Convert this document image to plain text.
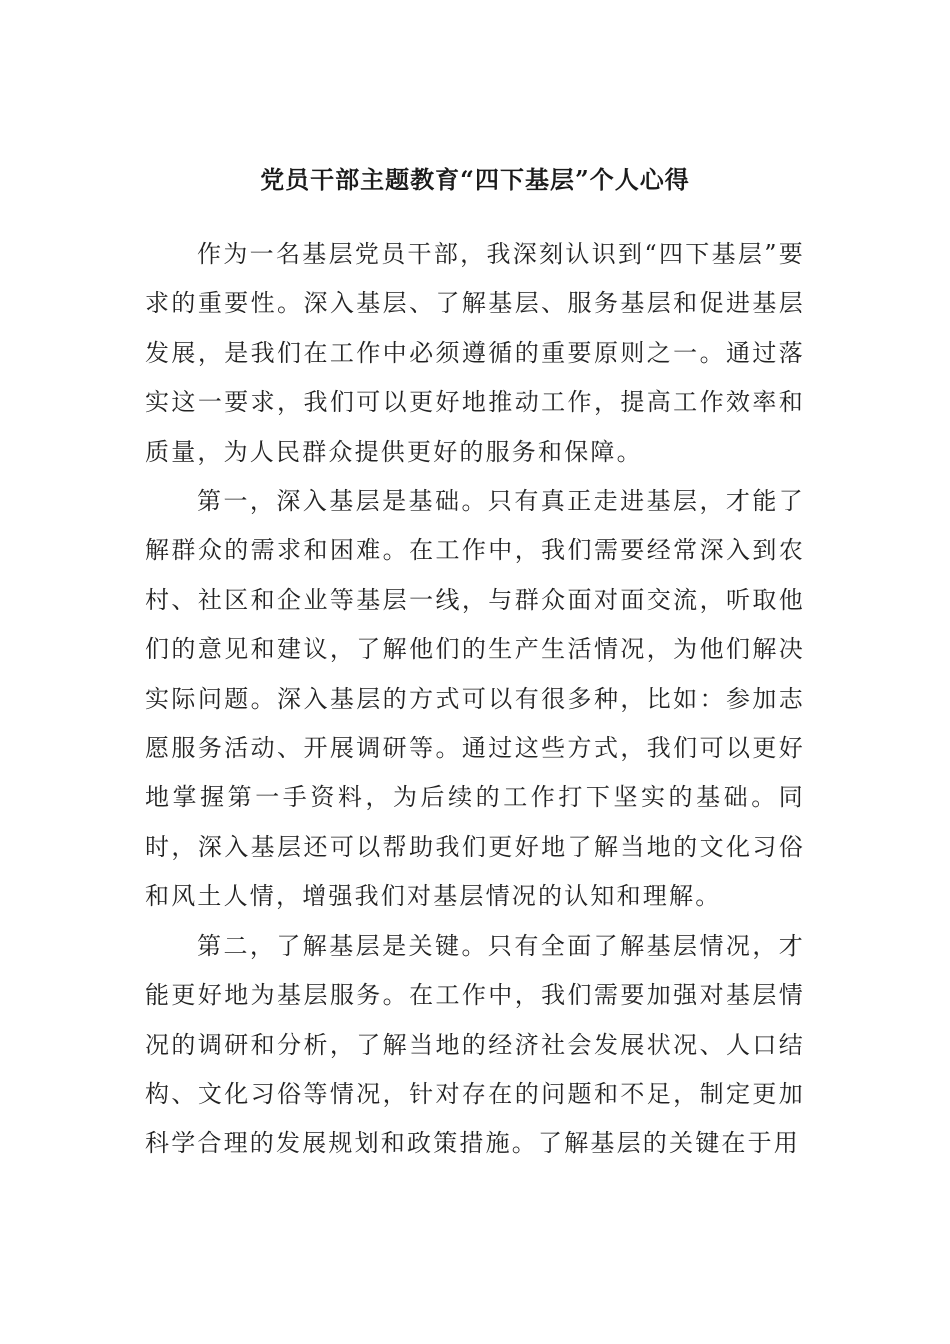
党员干部主题教育“四下基层”个人心得

作为一名基层党员干部，我深刻认识到“四下基层”要求的重要性。深入基层、了解基层、服务基层和促进基层发展，是我们在工作中必须遵循的重要原则之一。通过落实这一要求，我们可以更好地推动工作，提高工作效率和质量，为人民群众提供更好的服务和保障。

第一，深入基层是基础。只有真正走进基层，才能了解群众的需求和困难。在工作中，我们需要经常深入到农村、社区和企业等基层一线，与群众面对面交流，听取他们的意见和建议，了解他们的生产生活情况，为他们解决实际问题。深入基层的方式可以有很多种，比如：参加志愿服务活动、开展调研等。通过这些方式，我们可以更好地掌握第一手资料，为后续的工作打下坚实的基础。同时，深入基层还可以帮助我们更好地了解当地的文化习俗和风土人情，增强我们对基层情况的认知和理解。

第二，了解基层是关键。只有全面了解基层情况，才能更好地为基层服务。在工作中，我们需要加强对基层情况的调研和分析，了解当地的经济社会发展状况、人口结构、文化习俗等情况，针对存在的问题和不足，制定更加科学合理的发展规划和政策措施。了解基层的关键在于用
